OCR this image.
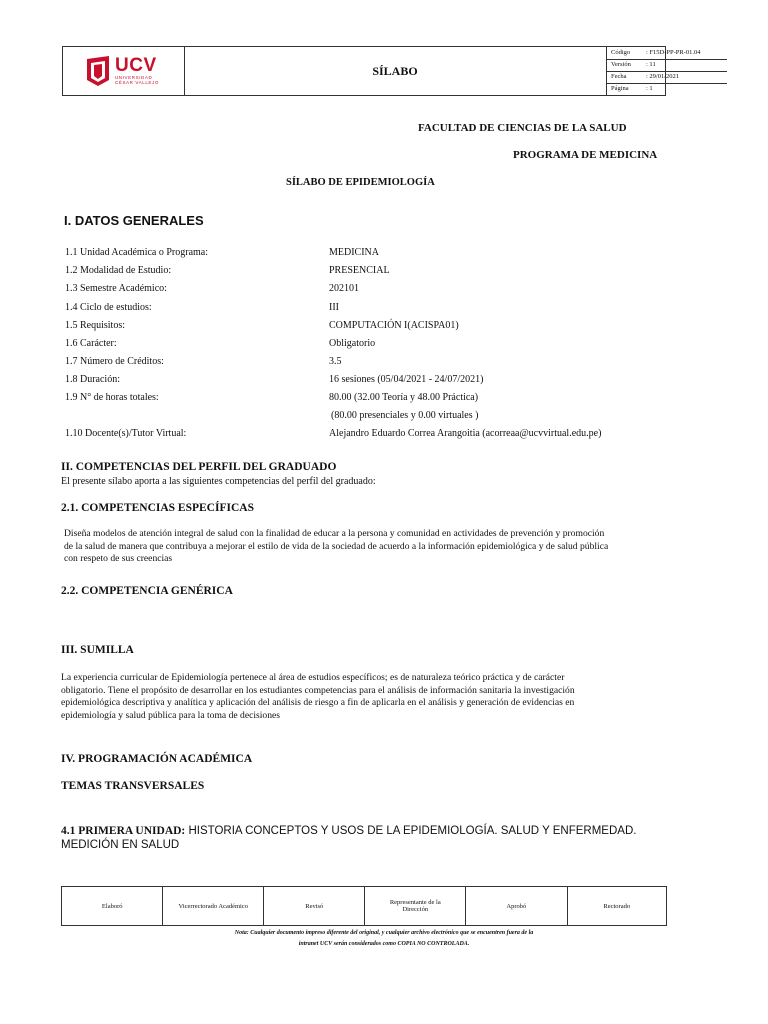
UCV
UNIVERSIDAD
CÉSAR VALLEJO
SÍLABO
Código : F15D-PP-PR-01.04
Versión : 11
Fecha	: 29/01/2021
Página	: 1
FACULTAD DE CIENCIAS DE LA SALUD
PROGRAMA DE MEDICINA
SÍLABO DE EPIDEMIOLOGÍA
I. DATOS GENERALES
1.1 Unidad Académica o Programa:	MEDICINA
1.2 Modalidad de Estudio:	PRESENCIAL
1.3 Semestre Académico:	202101
1.4 Ciclo de estudios:	III
1.5 Requisitos:	COMPUTACIÓN I(ACISPA01)
1.6 Carácter:	Obligatorio
1.7 Número de Créditos:	3.5
1.8 Duración:	16 sesiones (05/04/2021 - 24/07/2021)
1.9 N° de horas totales:	80.00 (32.00 Teoría y 48.00 Práctica)
(80.00 presenciales y 0.00 virtuales )
1.10 Docente(s)/Tutor Virtual:	Alejandro Eduardo Correa Arangoitia (acorreaa@ucvvirtual.edu.pe)
II. COMPETENCIAS DEL PERFIL DEL GRADUADO
El presente sílabo aporta a las siguientes competencias del perfil del graduado:
2.1. COMPETENCIAS ESPECÍFICAS
Diseña modelos de atención integral de salud con la finalidad de educar a la persona y comunidad en actividades de prevención y promoción
de la salud de manera que contribuya a mejorar el estilo de vida de la sociedad de acuerdo a la información epidemiológica y de salud pública
con respeto de sus creencias
2.2. COMPETENCIA GENÉRICA
III. SUMILLA
La experiencia curricular de Epidemiología pertenece al área de estudios específicos; es de naturaleza teórico práctica y de carácter
obligatorio. Tiene el propósito de desarrollar en los estudiantes competencias para el análisis de información sanitaria la investigación
epidemiológica descriptiva y analítica y aplicación del análisis de riesgo a fin de aplicarla en el análisis y generación de evidencias en
epidemiología y salud pública para la toma de decisiones
IV. PROGRAMACIÓN ACADÉMICA
TEMAS TRANSVERSALES
4.1 PRIMERA UNIDAD: HISTORIA CONCEPTOS Y USOS DE LA EPIDEMIOLOGÍA. SALUD Y ENFERMEDAD.
MEDICIÓN EN SALUD
Elaboró	Vicerrectorado Académico	Revisó	Representante de la Dirección	Aprobó	Rectorado
Nota: Cualquier documento impreso diferente del original, y cualquier archivo electrónico que se encuentren fuera de la
intranet UCV serán considerados como COPIA NO CONTROLADA.
